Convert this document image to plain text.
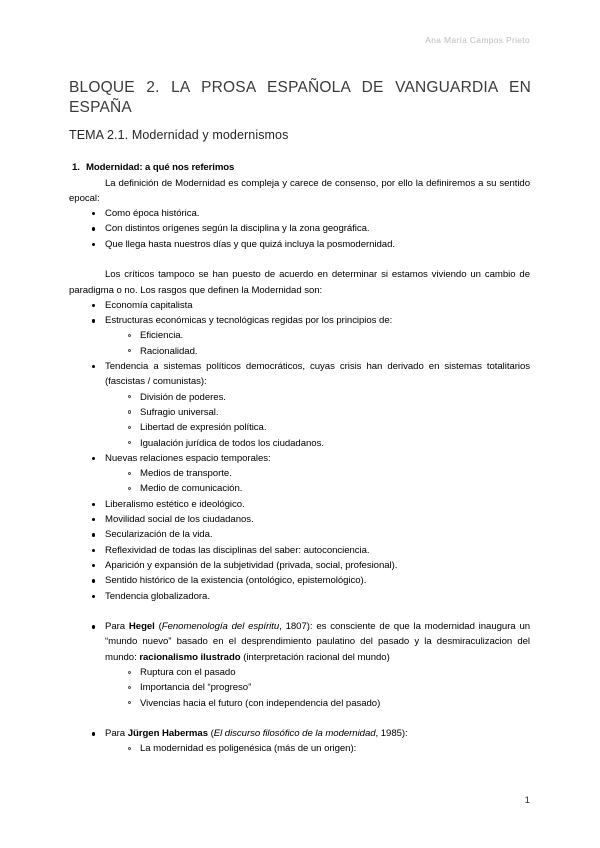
Ana María Campos Prieto
BLOQUE 2. LA PROSA ESPAÑOLA DE VANGUARDIA EN ESPAÑA
TEMA 2.1. Modernidad y modernismos
1. Modernidad: a qué nos referimos

La definición de Modernidad es compleja y carece de consenso, por ello la definiremos a su sentido epocal:

Como época histórica.
Con distintos orígenes según la disciplina y la zona geográfica.
Que llega hasta nuestros días y que quizá incluya la posmodernidad.

Los críticos tampoco se han puesto de acuerdo en determinar si estamos viviendo un cambio de paradigma o no. Los rasgos que definen la Modernidad son:

Economía capitalista
Estructuras económicas y tecnológicas regidas por los principios de:
Eficiencia.
Racionalidad.
Tendencia a sistemas políticos democráticos, cuyas crisis han derivado en sistemas totalitarios (fascistas / comunistas):
División de poderes.
Sufragio universal.
Libertad de expresión política.
Igualación jurídica de todos los ciudadanos.
Nuevas relaciones espacio temporales:
Medios de transporte.
Medio de comunicación.
Liberalismo estético e ideológico.
Movilidad social de los ciudadanos.
Secularización de la vida.
Reflexividad de todas las disciplinas del saber: autoconciencia.
Aparición y expansión de la subjetividad (privada, social, profesional).
Sentido histórico de la existencia (ontológico, epistemológico).
Tendencia globalizadora.
Para Hegel (Fenomenología del espíritu, 1807): es consciente de que la modernidad inaugura un “mundo nuevo” basado en el desprendimiento paulatino del pasado y la desmiraculizacion del mundo: racionalismo ilustrado (interpretación racional del mundo)
Ruptura con el pasado
Importancia del “progreso”
Vivencias hacia el futuro (con independencia del pasado)
Para Jürgen Habermas (El discurso filosófico de la modernidad, 1985):
La modernidad es poligenésica (más de un origen):
1
